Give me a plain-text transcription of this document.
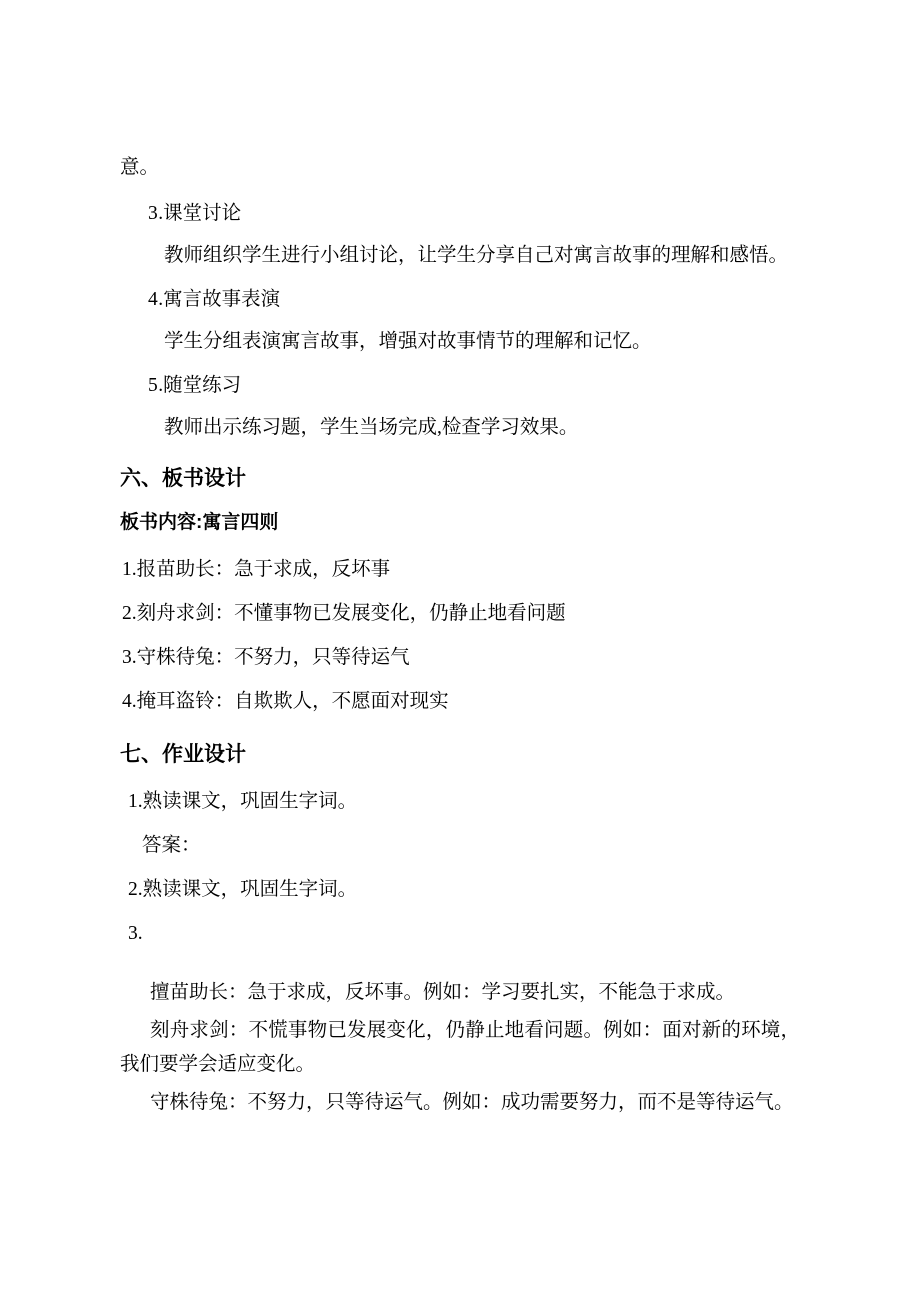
意。

3.课堂讨论

教师组织学生进行小组讨论，让学生分享自己对寓言故事的理解和感悟。

4.寓言故事表演

学生分组表演寓言故事，增强对故事情节的理解和记忆。

5.随堂练习

教师出示练习题，学生当场完成,检查学习效果。

六、板书设计

板书内容:寓言四则

1.报苗助长：急于求成，反坏事

2.刻舟求剑：不懂事物已发展变化，仍静止地看问题

3.守株待兔：不努力，只等待运气

4.掩耳盗铃：自欺欺人，不愿面对现实

七、作业设计

1.熟读课文，巩固生字词。

答案：

2.熟读课文，巩固生字词。

3.

擅苗助长：急于求成，反坏事。例如：学习要扎实，不能急于求成。

刻舟求剑：不慌事物已发展变化，仍静止地看问题。例如：面对新的环境，我们要学会适应变化。

守株待兔：不努力，只等待运气。例如：成功需要努力，而不是等待运气。
